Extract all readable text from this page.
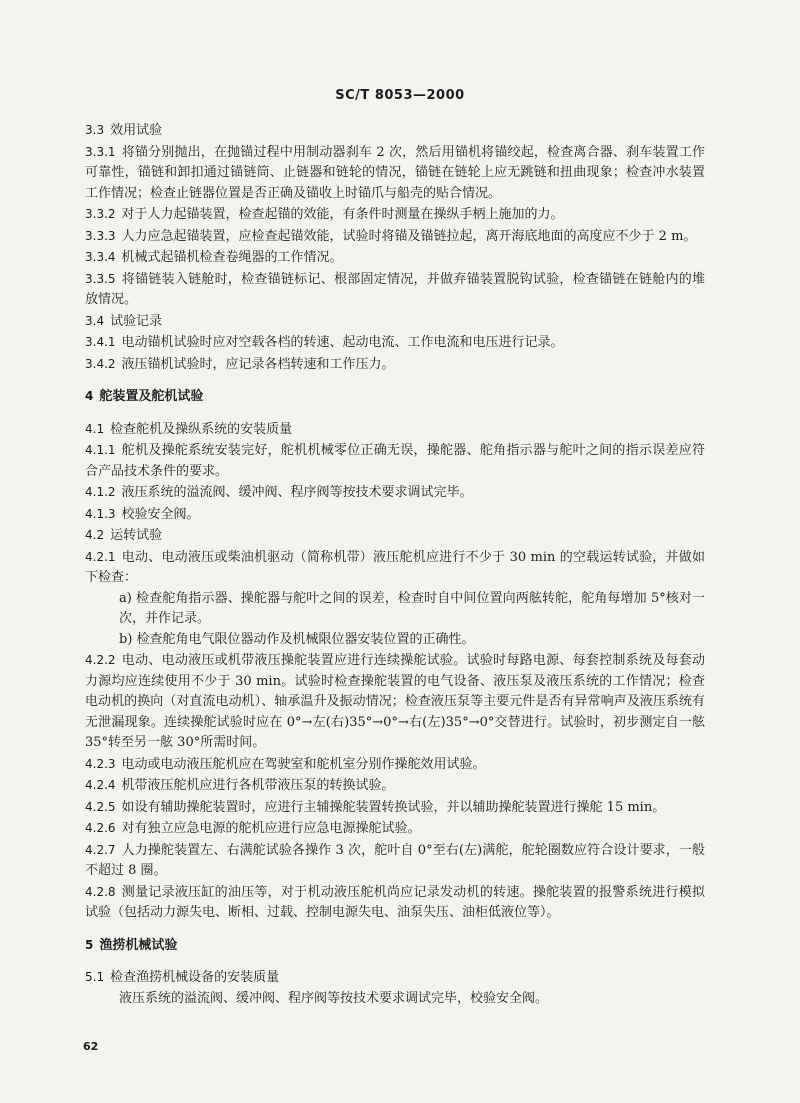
SC/T 8053—2000

3.3 效用试验

3.3.1 将锚分别抛出，在抛锚过程中用制动器刹车 2 次，然后用锚机将锚绞起，检查离合器、刹车装置工作可靠性，锚链和卸扣通过锚链筒、止链器和链轮的情况，锚链在链轮上应无跳链和扭曲现象；检查冲水装置工作情况；检查止链器位置是否正确及锚收上时锚爪与船壳的贴合情况。

3.3.2 对于人力起锚装置，检查起锚的效能，有条件时测量在操纵手柄上施加的力。

3.3.3 人力应急起锚装置，应检查起锚效能，试验时将锚及锚链拉起，离开海底地面的高度应不少于 2 m。

3.3.4 机械式起锚机检查卷绳器的工作情况。

3.3.5 将锚链装入链舱时，检查锚链标记、根部固定情况，并做弃锚装置脱钩试验，检查锚链在链舱内的堆放情况。

3.4 试验记录

3.4.1 电动锚机试验时应对空载各档的转速、起动电流、工作电流和电压进行记录。

3.4.2 液压锚机试验时，应记录各档转速和工作压力。

4 舵装置及舵机试验

4.1 检查舵机及操纵系统的安装质量

4.1.1 舵机及操舵系统安装完好，舵机机械零位正确无误，操舵器、舵角指示器与舵叶之间的指示误差应符合产品技术条件的要求。

4.1.2 液压系统的溢流阀、缓冲阀、程序阀等按技术要求调试完毕。

4.1.3 校验安全阀。

4.2 运转试验

4.2.1 电动、电动液压或柴油机驱动（简称机带）液压舵机应进行不少于 30 min 的空载运转试验，并做如下检查：

a) 检查舵角指示器、操舵器与舵叶之间的误差，检查时自中间位置向两舷转舵，舵角每增加 5°核对一次，并作记录。

b) 检查舵角电气限位器动作及机械限位器安装位置的正确性。

4.2.2 电动、电动液压或机带液压操舵装置应进行连续操舵试验。试验时每路电源、每套控制系统及每套动力源均应连续使用不少于 30 min。试验时检查操舵装置的电气设备、液压泵及液压系统的工作情况；检查电动机的换向（对直流电动机）、轴承温升及振动情况；检查液压泵等主要元件是否有异常响声及液压系统有无泄漏现象。连续操舵试验时应在 0°→左(右)35°→0°→右(左)35°→0°交替进行。试验时，初步测定自一舷 35°转至另一舷 30°所需时间。

4.2.3 电动或电动液压舵机应在驾驶室和舵机室分别作操舵效用试验。

4.2.4 机带液压舵机应进行各机带液压泵的转换试验。

4.2.5 如设有辅助操舵装置时，应进行主辅操舵装置转换试验，并以辅助操舵装置进行操舵 15 min。

4.2.6 对有独立应急电源的舵机应进行应急电源操舵试验。

4.2.7 人力操舵装置左、右满舵试验各操作 3 次，舵叶自 0°至右(左)满舵，舵轮圈数应符合设计要求，一般不超过 8 圈。

4.2.8 测量记录液压缸的油压等，对于机动液压舵机尚应记录发动机的转速。操舵装置的报警系统进行模拟试验（包括动力源失电、断相、过载、控制电源失电、油泵失压、油柜低液位等）。

5 渔捞机械试验

5.1 检查渔捞机械设备的安装质量

液压系统的溢流阀、缓冲阀、程序阀等按技术要求调试完毕，校验安全阀。

62
